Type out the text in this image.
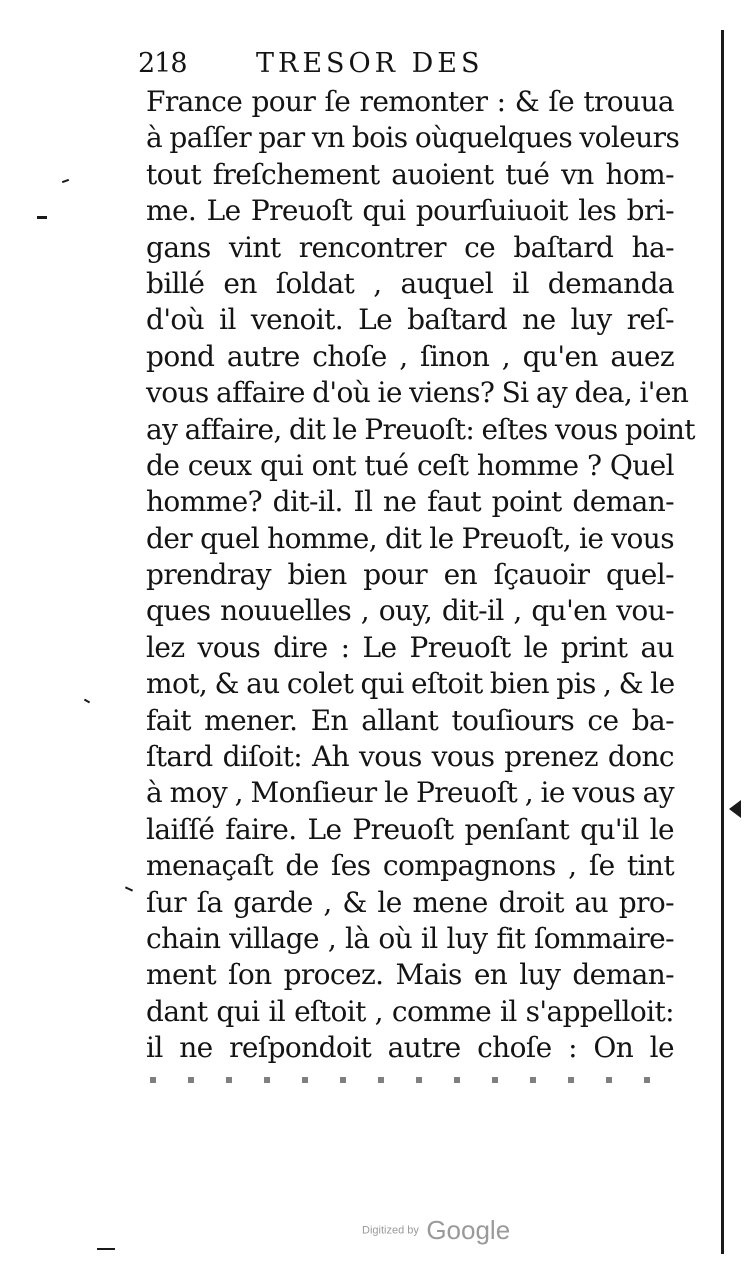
218	TRESOR DES
France pour ſe remonter : & ſe trouua
à paſſer par vn bois oùquelques voleurs
tout freſchement auoient tué vn hom-
me. Le Preuoſt qui pourſuiuoit les bri-
gans vint rencontrer ce baſtard ha-
billé en ſoldat , auquel il demanda
d'où il venoit. Le baſtard ne luy reſ-
pond autre choſe , ſinon , qu'en auez
vous affaire d'où ie viens? Si ay dea, i'en
ay affaire, dit le Preuoſt: eſtes vous point
de ceux qui ont tué ceſt homme ? Quel
homme? dit-il. Il ne faut point deman-
der quel homme, dit le Preuoſt, ie vous
prendray bien pour en ſçauoir quel-
ques nouuelles , ouy, dit-il , qu'en vou-
lez vous dire : Le Preuoſt le print au
mot, & au colet qui eſtoit bien pis , & le
fait mener. En allant touſiours ce ba-
ſtard diſoit: Ah vous vous prenez donc
à moy , Monſieur le Preuoſt , ie vous ay
laiſſé faire. Le Preuoſt penſant qu'il le
menaçaſt de ſes compagnons , ſe tint
ſur ſa garde , & le mene droit au pro-
chain village , là où il luy fit ſommaire-
ment ſon procez. Mais en luy deman-
dant qui il eſtoit , comme il s'appelloit:
il ne reſpondoit autre choſe : On le
Digitized by Google
